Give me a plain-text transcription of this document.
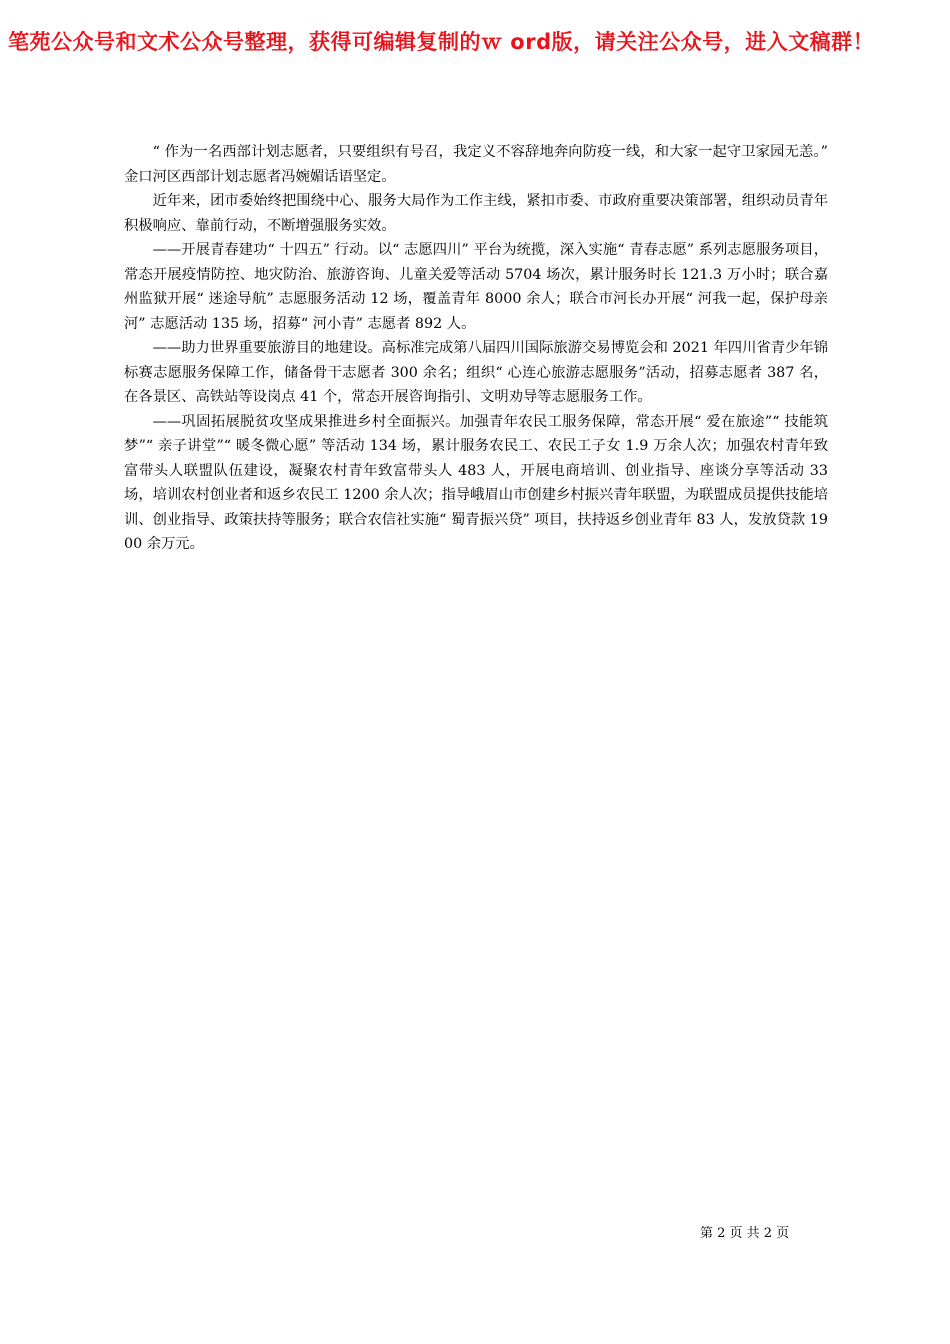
笔苑公众号和文术公众号整理，获得可编辑复制的ｗ ord版，请关注公众号，进入文稿群！

“ 作为一名西部计划志愿者，只要组织有号召，我定义不容辞地奔向防疫一线，和大家一起守卫家园无恙。” 金口河区西部计划志愿者冯婉媚话语坚定。

近年来，团市委始终把围绕中心、服务大局作为工作主线，紧扣市委、市政府重要决策部署，组织动员青年积极响应、靠前行动，不断增强服务实效。

——开展青春建功“ 十四五” 行动。以“ 志愿四川” 平台为统揽，深入实施“ 青春志愿” 系列志愿服务项目，常态开展疫情防控、地灾防治、旅游咨询、儿童关爱等活动 5704 场次，累计服务时长 121.3 万小时；联合嘉州监狱开展“ 迷途导航” 志愿服务活动 12 场，覆盖青年 8000 余人；联合市河长办开展“ 河我一起，保护母亲河” 志愿活动 135 场，招募“ 河小青” 志愿者 892 人。

——助力世界重要旅游目的地建设。高标准完成第八届四川国际旅游交易博览会和 2021 年四川省青少年锦标赛志愿服务保障工作，储备骨干志愿者 300 余名；组织“ 心连心旅游志愿服务”活动，招募志愿者 387 名，在各景区、高铁站等设岗点 41 个，常态开展咨询指引、文明劝导等志愿服务工作。

——巩固拓展脱贫攻坚成果推进乡村全面振兴。加强青年农民工服务保障，常态开展“ 爱在旅途”“ 技能筑梦”“ 亲子讲堂”“ 暖冬微心愿” 等活动 134 场，累计服务农民工、农民工子女 1.9 万余人次；加强农村青年致富带头人联盟队伍建设，凝聚农村青年致富带头人 483 人，开展电商培训、创业指导、座谈分享等活动 33 场，培训农村创业者和返乡农民工 1200 余人次；指导峨眉山市创建乡村振兴青年联盟，为联盟成员提供技能培训、创业指导、政策扶持等服务；联合农信社实施“ 蜀青振兴贷” 项目，扶持返乡创业青年 83 人，发放贷款 1900 余万元。

第 2 页 共 2 页
